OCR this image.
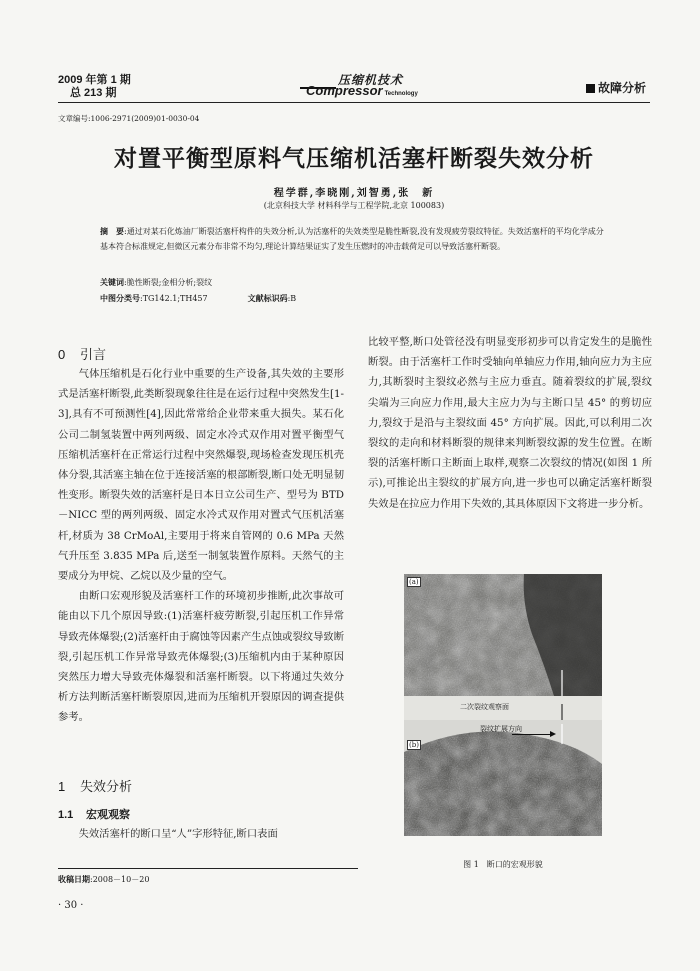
2009 年第 1 期
总 213 期
压缩机技术
Compressor Technology	故障分析
文章编号:1006-2971(2009)01-0030-04
对置平衡型原料气压缩机活塞杆断裂失效分析
程学群,李晓刚,刘智勇,张　新
(北京科技大学 材料科学与工程学院,北京 100083)
摘　要:通过对某石化炼油厂断裂活塞杆构件的失效分析,认为活塞杆的失效类型是脆性断裂,没有发现疲劳裂纹特征。失效活塞杆的平均化学成分基本符合标准规定,但微区元素分布非常不均匀,理论计算结果证实了发生压燃时的冲击载荷足可以导致活塞杆断裂。
关键词:脆性断裂;金相分析;裂纹
中图分类号:TG142.1;TH457	文献标识码:B
0 引言

气体压缩机是石化行业中重要的生产设备,其失效的主要形式是活塞杆断裂,此类断裂现象往往是在运行过程中突然发生[1-3],具有不可预测性[4],因此常常给企业带来重大损失。某石化公司二制氢装置中两列两级、固定水冷式双作用对置平衡型气压缩机活塞杆在正常运行过程中突然爆裂,现场检查发现压机壳体分裂,其活塞主轴在位于连接活塞的根部断裂,断口处无明显韧性变形。断裂失效的活塞杆是日本日立公司生产、型号为 BTD－NICC 型的两列两级、固定水冷式双作用对置式气压机活塞杆,材质为 38 CrMoAl,主要用于将来自管网的 0.6 MPa 天然气升压至 3.835 MPa 后,送至一制氢装置作原料。天然气的主要成分为甲烷、乙烷以及少量的空气。

由断口宏观形貌及活塞杆工作的环境初步推断,此次事故可能由以下几个原因导致:(1)活塞杆疲劳断裂,引起压机工作异常导致壳体爆裂;(2)活塞杆由于腐蚀等因素产生点蚀或裂纹导致断裂,引起压机工作异常导致壳体爆裂;(3)压缩机内由于某种原因突然压力增大导致壳体爆裂和活塞杆断裂。以下将通过失效分析方法判断活塞杆断裂原因,进而为压缩机开裂原因的调查提供参考。

1 失效分析
1.1 宏观观察

失效活塞杆的断口呈“人”字形特征,断口表面

比较平整,断口处管径没有明显变形初步可以肯定发生的是脆性断裂。由于活塞杆工作时受轴向单轴应力作用,轴向应力为主应力,其断裂时主裂纹必然与主应力垂直。随着裂纹的扩展,裂纹尖端为三向应力作用,最大主应力为与主断口呈 45° 的剪切应力,裂纹于是沿与主裂纹面 45° 方向扩展。因此,可以利用二次裂纹的走向和材料断裂的规律来判断裂纹源的发生位置。在断裂的活塞杆断口主断面上取样,观察二次裂纹的情况(如图 1 所示),可推论出主裂纹的扩展方向,进一步也可以确定活塞杆断裂失效是在拉应力作用下失效的,其具体原因下文将进一步分析。

(a)
(b)
二次裂纹观察面
裂纹扩展方向
图 1　断口的宏观形貌
收稿日期:2008－10－20
· 30 ·
